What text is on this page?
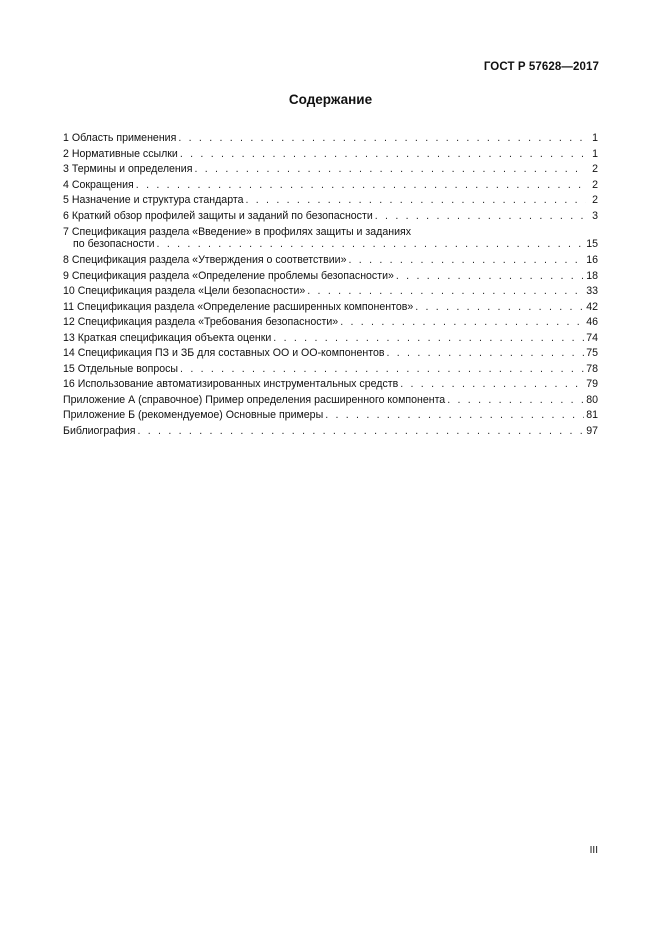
ГОСТ Р 57628—2017
Содержание
1 Область применения . . .	1
2 Нормативные ссылки . . .	1
3 Термины и определения . . .	2
4 Сокращения . . .	2
5 Назначение и структура стандарта . . .	2
6 Краткий обзор профилей защиты и заданий по безопасности . . .	3
7 Спецификация раздела «Введение» в профилях защиты и заданиях
по безопасности . . .	15
8 Спецификация раздела «Утверждения о соответствии» . . .	16
9 Спецификация раздела «Определение проблемы безопасности» . . .	18
10 Спецификация раздела «Цели безопасности» . . .	33
11 Спецификация раздела «Определение расширенных компонентов» . . .	42
12 Спецификация раздела «Требования безопасности» . . .	46
13 Краткая спецификация объекта оценки . . .	74
14 Спецификация ПЗ и ЗБ для составных ОО и ОО-компонентов . . .	75
15 Отдельные вопросы . . .	78
16 Использование автоматизированных инструментальных средств . . .	79
Приложение А (справочное) Пример определения расширенного компонента . . .	80
Приложение Б (рекомендуемое) Основные примеры . . .	81
Библиография . . .	97
III
